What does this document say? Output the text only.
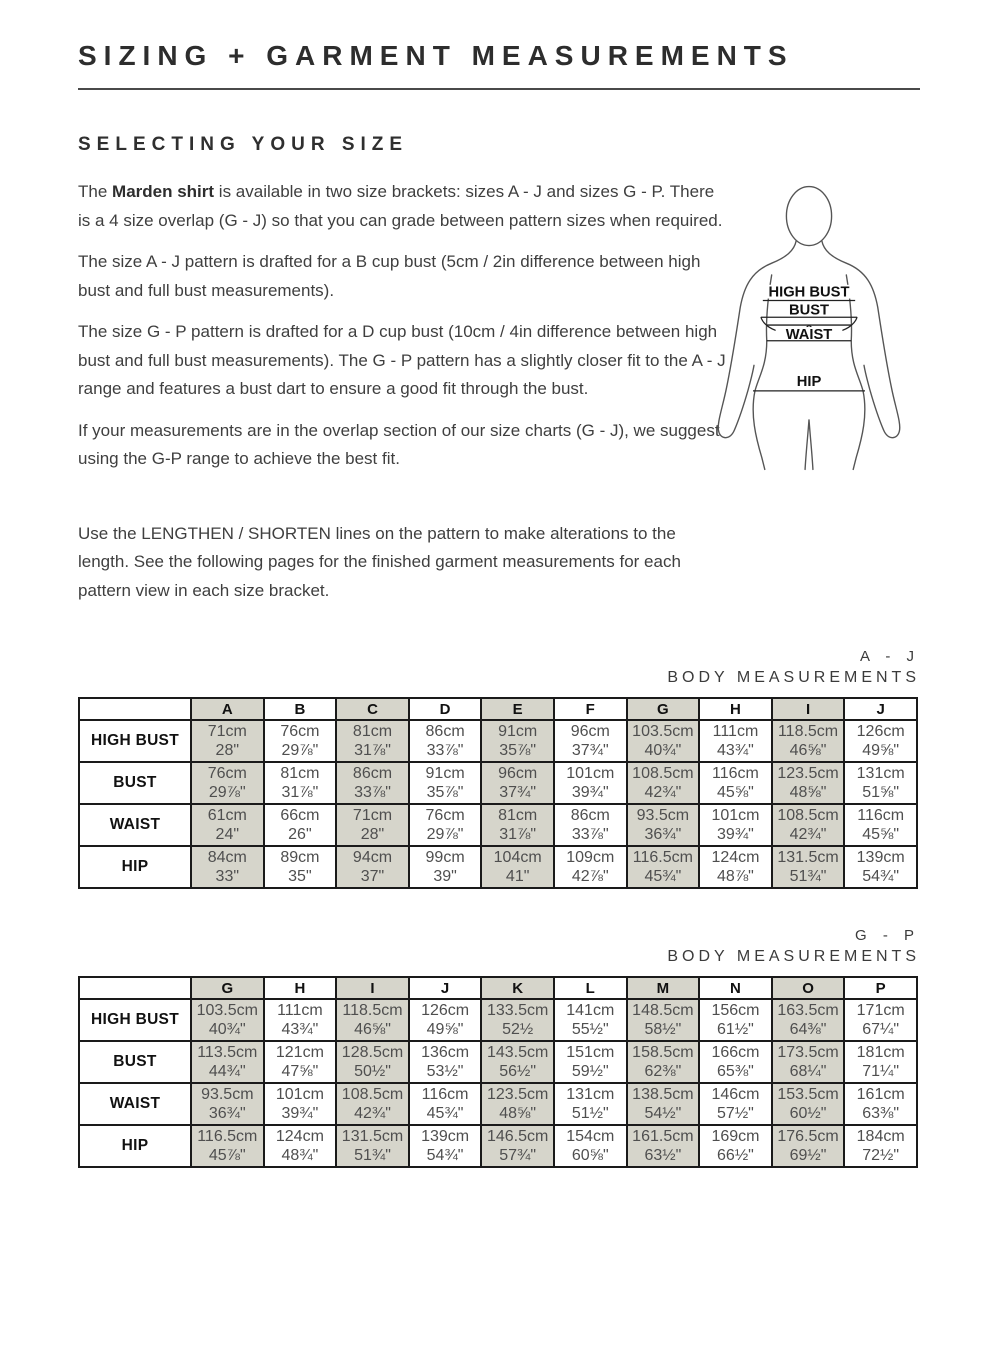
SIZING + GARMENT MEASUREMENTS
SELECTING YOUR SIZE

The Marden shirt is available in two size brackets: sizes A - J and sizes G - P. There is a 4 size overlap (G - J) so that you can grade between pattern sizes when required.

The size A - J pattern is drafted for a B cup bust (5cm / 2in difference between high bust and full bust measurements).

The size G - P pattern is drafted for a D cup bust (10cm / 4in difference between high bust and full bust measurements). The G - P pattern has a slightly closer fit to the A - J range and features a bust dart to ensure a good fit through the bust.

If your measurements are in the overlap section of our size charts (G - J), we suggest using the G-P range to achieve the best fit.

Use the LENGTHEN / SHORTEN lines on the pattern to make alterations to the length. See the following pages for the finished garment measurements for each pattern view in each size bracket.

HIGH BUST
BUST
WAIST
HIP
A - J
BODY MEASUREMENTS
	A	B	C	D	E	F	G	H	I	J
HIGH BUST	
71cm
28"

76cm
29⅞"

81cm
31⅞"

86cm
33⅞"

91cm
35⅞"

96cm
37¾"

103.5cm
40¾"

111cm
43¾"

118.5cm
46⅝"

126cm
49⅝"

BUST	
76cm
29⅞"

81cm
31⅞"

86cm
33⅞"

91cm
35⅞"

96cm
37¾"

101cm
39¾"

108.5cm
42¾"

116cm
45⅝"

123.5cm
48⅝"

131cm
51⅝"

WAIST	
61cm
24"

66cm
26"

71cm
28"

76cm
29⅞"

81cm
31⅞"

86cm
33⅞"

93.5cm
36¾"

101cm
39¾"

108.5cm
42¾"

116cm
45⅝"

HIP	
84cm
33"

89cm
35"

94cm
37"

99cm
39"

104cm
41"

109cm
42⅞"

116.5cm
45¾"

124cm
48⅞"

131.5cm
51¾"

139cm
54¾"
G - P
BODY MEASUREMENTS
	G	H	I	J	K	L	M	N	O	P
HIGH BUST	
103.5cm
40¾"

111cm
43¾"

118.5cm
46⅝"

126cm
49⅝"

133.5cm
52½

141cm
55½"

148.5cm
58½"

156cm
61½"

163.5cm
64⅜"

171cm
67¼"

BUST	
113.5cm
44¾"

121cm
47⅝"

128.5cm
50½"

136cm
53½"

143.5cm
56½"

151cm
59½"

158.5cm
62⅜"

166cm
65⅜"

173.5cm
68¼"

181cm
71¼"

WAIST	
93.5cm
36¾"

101cm
39¾"

108.5cm
42¾"

116cm
45¾"

123.5cm
48⅝"

131cm
51½"

138.5cm
54½"

146cm
57½"

153.5cm
60½"

161cm
63⅜"

HIP	
116.5cm
45⅞"

124cm
48¾"

131.5cm
51¾"

139cm
54¾"

146.5cm
57¾"

154cm
60⅝"

161.5cm
63½"

169cm
66½"

176.5cm
69½"

184cm
72½"
